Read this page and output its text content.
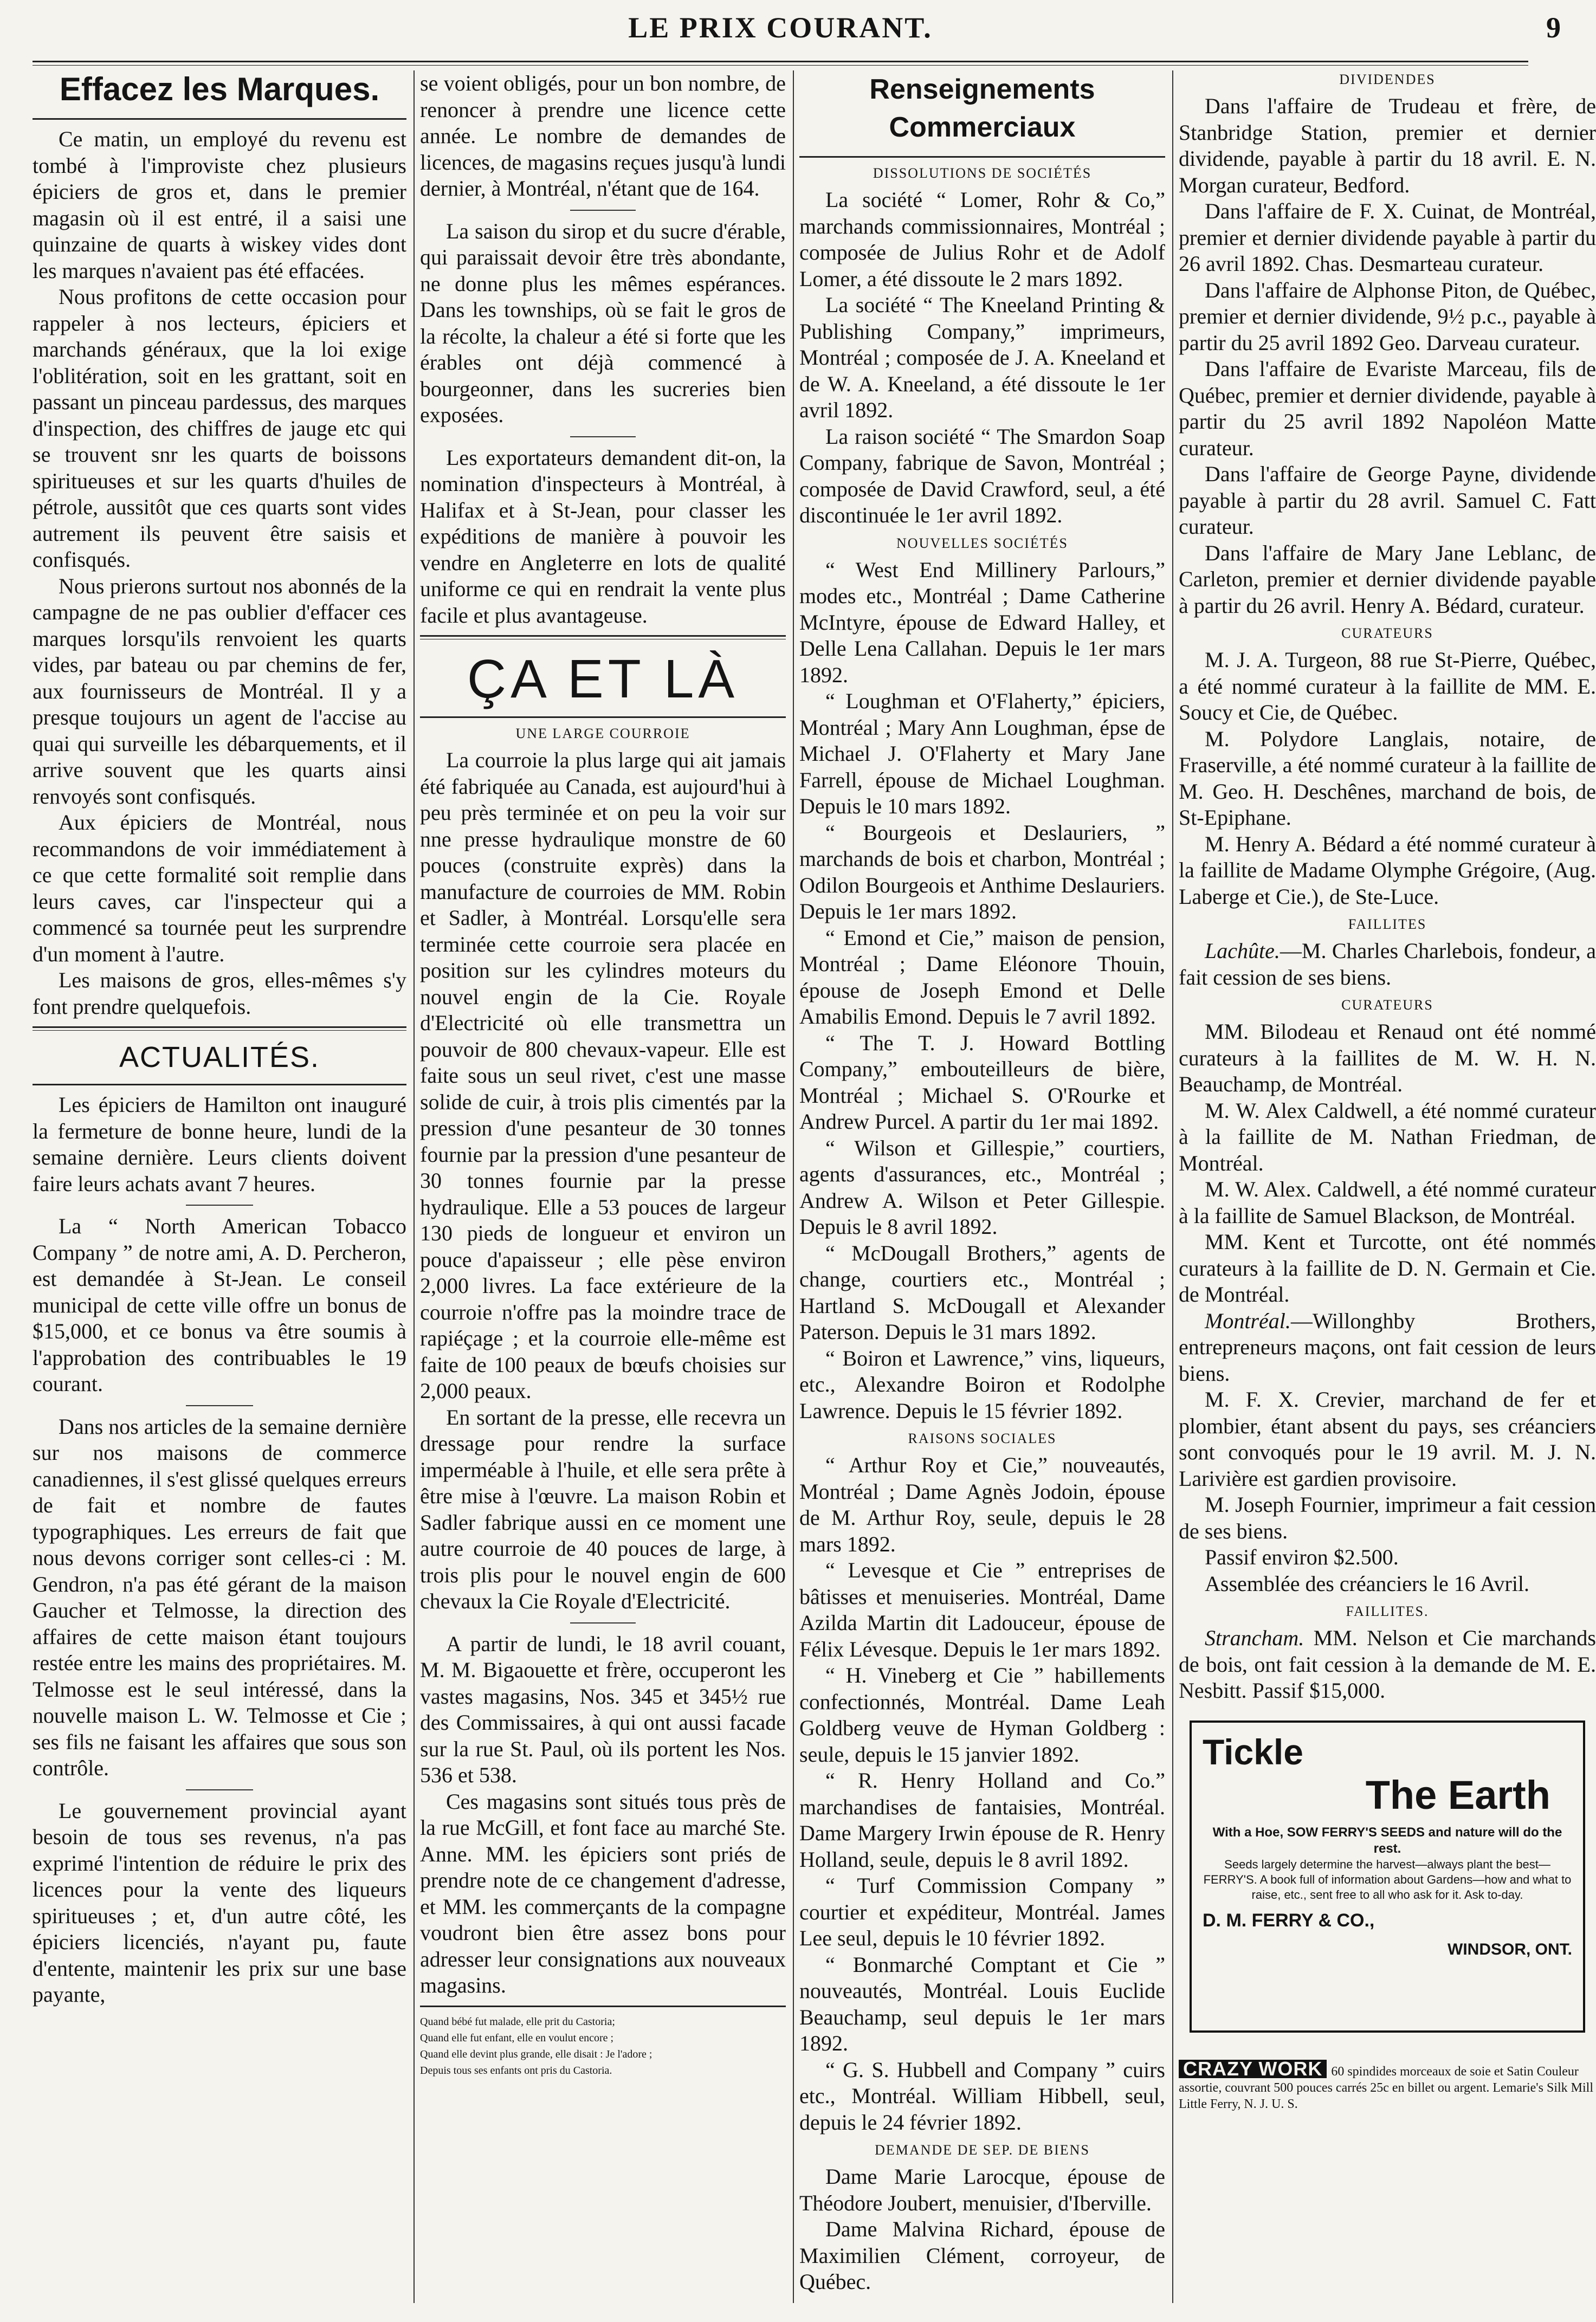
LE PRIX COURANT.	9
Effacez les Marques.

Ce matin, un employé du revenu est tombé à l'improviste chez plusieurs épiciers de gros et, dans le premier magasin où il est entré, il a saisi une quinzaine de quarts à wiskey vides dont les marques n'avaient pas été effacées.

Nous profitons de cette occasion pour rappeler à nos lecteurs, épiciers et marchands généraux, que la loi exige l'oblitération, soit en les grattant, soit en passant un pinceau pardessus, des marques d'inspection, des chiffres de jauge etc qui se trouvent snr les quarts de boissons spiritueuses et sur les quarts d'huiles de pétrole, aussitôt que ces quarts sont vides autrement ils peuvent être saisis et confisqués.

Nous prierons surtout nos abonnés de la campagne de ne pas oublier d'effacer ces marques lorsqu'ils renvoient les quarts vides, par bateau ou par chemins de fer, aux fournisseurs de Montréal. Il y a presque toujours un agent de l'accise au quai qui surveille les débarquements, et il arrive souvent que les quarts ainsi renvoyés sont confisqués.

Aux épiciers de Montréal, nous recommandons de voir immédiatement à ce que cette formalité soit remplie dans leurs caves, car l'inspecteur qui a commencé sa tournée peut les surprendre d'un moment à l'autre.

Les maisons de gros, elles-mêmes s'y font prendre quelquefois.

ACTUALITÉS.

Les épiciers de Hamilton ont inauguré la fermeture de bonne heure, lundi de la semaine dernière. Leurs clients doivent faire leurs achats avant 7 heures.

La “ North American Tobacco Company ” de notre ami, A. D. Percheron, est demandée à St-Jean. Le conseil municipal de cette ville offre un bonus de $15,000, et ce bonus va être soumis à l'approbation des contribuables le 19 courant.

Dans nos articles de la semaine dernière sur nos maisons de commerce canadiennes, il s'est glissé quelques erreurs de fait et nombre de fautes typographiques. Les erreurs de fait que nous devons corriger sont celles-ci : M. Gendron, n'a pas été gérant de la maison Gaucher et Telmosse, la direction des affaires de cette maison étant toujours restée entre les mains des propriétaires. M. Telmosse est le seul intéressé, dans la nouvelle maison L. W. Telmosse et Cie ; ses fils ne faisant les affaires que sous son contrôle.

Le gouvernement provincial ayant besoin de tous ses revenus, n'a pas exprimé l'intention de réduire le prix des licences pour la vente des liqueurs spiritueuses ; et, d'un autre côté, les épiciers licenciés, n'ayant pu, faute d'entente, maintenir les prix sur une base payante,

se voient obligés, pour un bon nombre, de renoncer à prendre une licence cette année. Le nombre de demandes de licences, de magasins reçues jusqu'à lundi dernier, à Montréal, n'étant que de 164.

La saison du sirop et du sucre d'érable, qui paraissait devoir être très abondante, ne donne plus les mêmes espérances. Dans les townships, où se fait le gros de la récolte, la chaleur a été si forte que les érables ont déjà commencé à bourgeonner, dans les sucreries bien exposées.

Les exportateurs demandent dit-on, la nomination d'inspecteurs à Montréal, à Halifax et à St-Jean, pour classer les expéditions de manière à pouvoir les vendre en Angleterre en lots de qualité uniforme ce qui en rendrait la vente plus facile et plus avantageuse.

ÇA ET LÀ
UNE LARGE COURROIE

La courroie la plus large qui ait jamais été fabriquée au Canada, est aujourd'hui à peu près terminée et on peu la voir sur nne presse hydraulique monstre de 60 pouces (construite exprès) dans la manufacture de courroies de MM. Robin et Sadler, à Montréal. Lorsqu'elle sera terminée cette courroie sera placée en position sur les cylindres moteurs du nouvel engin de la Cie. Royale d'Electricité où elle transmettra un pouvoir de 800 chevaux-vapeur. Elle est faite sous un seul rivet, c'est une masse solide de cuir, à trois plis cimentés par la pression d'une pesanteur de 30 tonnes fournie par la pression d'une pesanteur de 30 tonnes fournie par la presse hydraulique. Elle a 53 pouces de largeur 130 pieds de longueur et environ un pouce d'apaisseur ; elle pèse environ 2,000 livres. La face extérieure de la courroie n'offre pas la moindre trace de rapiéçage ; et la courroie elle-même est faite de 100 peaux de bœufs choisies sur 2,000 peaux.

En sortant de la presse, elle recevra un dressage pour rendre la surface imperméable à l'huile, et elle sera prête à être mise à l'œuvre. La maison Robin et Sadler fabrique aussi en ce moment une autre courroie de 40 pouces de large, à trois plis pour le nouvel engin de 600 chevaux la Cie Royale d'Electricité.

A partir de lundi, le 18 avril couant, M. M. Bigaouette et frère, occuperont les vastes magasins, Nos. 345 et 345½ rue des Commissaires, à qui ont aussi facade sur la rue St. Paul, où ils portent les Nos. 536 et 538.

Ces magasins sont situés tous près de la rue McGill, et font face au marché Ste. Anne. MM. les épiciers sont priés de prendre note de ce changement d'adresse, et MM. les commerçants de la compagne voudront bien être assez bons pour adresser leur consignations aux nouveaux magasins.

Quand bébé fut malade, elle prit du Castoria;

Quand elle fut enfant, elle en voulut encore ;

Quand elle devint plus grande, elle disait : Je l'adore ;

Depuis tous ses enfants ont pris du Castoria.

Renseignements Commerciaux
DISSOLUTIONS DE SOCIÉTÉS

La société “ Lomer, Rohr & Co,” marchands commissionnaires, Montréal ; composée de Julius Rohr et de Adolf Lomer, a été dissoute le 2 mars 1892.

La société “ The Kneeland Printing & Publishing Company,” imprimeurs, Montréal ; composée de J. A. Kneeland et de W. A. Kneeland, a été dissoute le 1er avril 1892.

La raison société “ The Smardon Soap Company, fabrique de Savon, Montréal ; composée de David Crawford, seul, a été discontinuée le 1er avril 1892.

NOUVELLES SOCIÉTÉS

“ West End Millinery Parlours,” modes etc., Montréal ; Dame Catherine McIntyre, épouse de Edward Halley, et Delle Lena Callahan. Depuis le 1er mars 1892.

“ Loughman et O'Flaherty,” épiciers, Montréal ; Mary Ann Loughman, épse de Michael J. O'Flaherty et Mary Jane Farrell, épouse de Michael Loughman. Depuis le 10 mars 1892.

“ Bourgeois et Deslauriers, ” marchands de bois et charbon, Montréal ; Odilon Bourgeois et Anthime Deslauriers. Depuis le 1er mars 1892.

“ Emond et Cie,” maison de pension, Montréal ; Dame Eléonore Thouin, épouse de Joseph Emond et Delle Amabilis Emond. Depuis le 7 avril 1892.

“ The T. J. Howard Bottling Company,” embouteilleurs de bière, Montréal ; Michael S. O'Rourke et Andrew Purcel. A partir du 1er mai 1892.

“ Wilson et Gillespie,” courtiers, agents d'assurances, etc., Montréal ; Andrew A. Wilson et Peter Gillespie. Depuis le 8 avril 1892.

“ McDougall Brothers,” agents de change, courtiers etc., Montréal ; Hartland S. McDougall et Alexander Paterson. Depuis le 31 mars 1892.

“ Boiron et Lawrence,” vins, liqueurs, etc., Alexandre Boiron et Rodolphe Lawrence. Depuis le 15 février 1892.

RAISONS SOCIALES

“ Arthur Roy et Cie,” nouveautés, Montréal ; Dame Agnès Jodoin, épouse de M. Arthur Roy, seule, depuis le 28 mars 1892.

“ Levesque et Cie ” entreprises de bâtisses et menuiseries. Montréal, Dame Azilda Martin dit Ladouceur, épouse de Félix Lévesque. Depuis le 1er mars 1892.

“ H. Vineberg et Cie ” habillements confectionnés, Montréal. Dame Leah Goldberg veuve de Hyman Goldberg : seule, depuis le 15 janvier 1892.

“ R. Henry Holland and Co.” marchandises de fantaisies, Montréal. Dame Margery Irwin épouse de R. Henry Holland, seule, depuis le 8 avril 1892.

“ Turf Commission Company ” courtier et expéditeur, Montréal. James Lee seul, depuis le 10 février 1892.

“ Bonmarché Comptant et Cie ” nouveautés, Montréal. Louis Euclide Beauchamp, seul depuis le 1er mars 1892.

“ G. S. Hubbell and Company ” cuirs etc., Montréal. William Hibbell, seul, depuis le 24 février 1892.

DEMANDE DE SEP. DE BIENS

Dame Marie Larocque, épouse de Théodore Joubert, menuisier, d'Iberville.

Dame Malvina Richard, épouse de Maximilien Clément, corroyeur, de Québec.

DIVIDENDES

Dans l'affaire de Trudeau et frère, de Stanbridge Station, premier et dernier dividende, payable à partir du 18 avril. E. N. Morgan curateur, Bedford.

Dans l'affaire de F. X. Cuinat, de Montréal, premier et dernier dividende payable à partir du 26 avril 1892. Chas. Desmarteau curateur.

Dans l'affaire de Alphonse Piton, de Québec, premier et dernier dividende, 9½ p.c., payable à partir du 25 avril 1892 Geo. Darveau curateur.

Dans l'affaire de Evariste Marceau, fils de Québec, premier et dernier dividende, payable à partir du 25 avril 1892 Napoléon Matte curateur.

Dans l'affaire de George Payne, dividende payable à partir du 28 avril. Samuel C. Fatt curateur.

Dans l'affaire de Mary Jane Leblanc, de Carleton, premier et dernier dividende payable à partir du 26 avril. Henry A. Bédard, curateur.

CURATEURS

M. J. A. Turgeon, 88 rue St-Pierre, Québec, a été nommé curateur à la faillite de MM. E. Soucy et Cie, de Québec.

M. Polydore Langlais, notaire, de Fraserville, a été nommé curateur à la faillite de M. Geo. H. Deschênes, marchand de bois, de St-Epiphane.

M. Henry A. Bédard a été nommé curateur à la faillite de Madame Olymphe Grégoire, (Aug. Laberge et Cie.), de Ste-Luce.

FAILLITES

Lachûte.—M. Charles Charlebois, fondeur, a fait cession de ses biens.

CURATEURS

MM. Bilodeau et Renaud ont été nommé curateurs à la faillites de M. W. H. N. Beauchamp, de Montréal.

M. W. Alex Caldwell, a été nommé curateur à la faillite de M. Nathan Friedman, de Montréal.

M. W. Alex. Caldwell, a été nommé curateur à la faillite de Samuel Blackson, de Montréal.

MM. Kent et Turcotte, ont été nommés curateurs à la faillite de D. N. Germain et Cie. de Montréal.

Montréal.—Willonghby Brothers, entrepreneurs maçons, ont fait cession de leurs biens.

M. F. X. Crevier, marchand de fer et plombier, étant absent du pays, ses créanciers sont convoqués pour le 19 avril. M. J. N. Larivière est gardien provisoire.

M. Joseph Fournier, imprimeur a fait cession de ses biens.

Passif environ $2.500.

Assemblée des créanciers le 16 Avril.

FAILLITES.

Strancham. MM. Nelson et Cie marchands de bois, ont fait cession à la demande de M. E. Nesbitt. Passif $15,000.

Tickle
The Earth
With a Hoe, SOW FERRY'S SEEDS and nature will do the rest.
Seeds largely determine the harvest—always plant the best—FERRY'S. A book full of information about Gardens—how and what to raise, etc., sent free to all who ask for it. Ask to-day.
D. M. FERRY & CO.,
WINDSOR, ONT.

CRAZY WORK 60 spindides morceaux de soie et Satin Couleur assortie, couvrant 500 pouces carrés 25c en billet ou argent. Lemarie's Silk Mill Little Ferry, N. J. U. S.
